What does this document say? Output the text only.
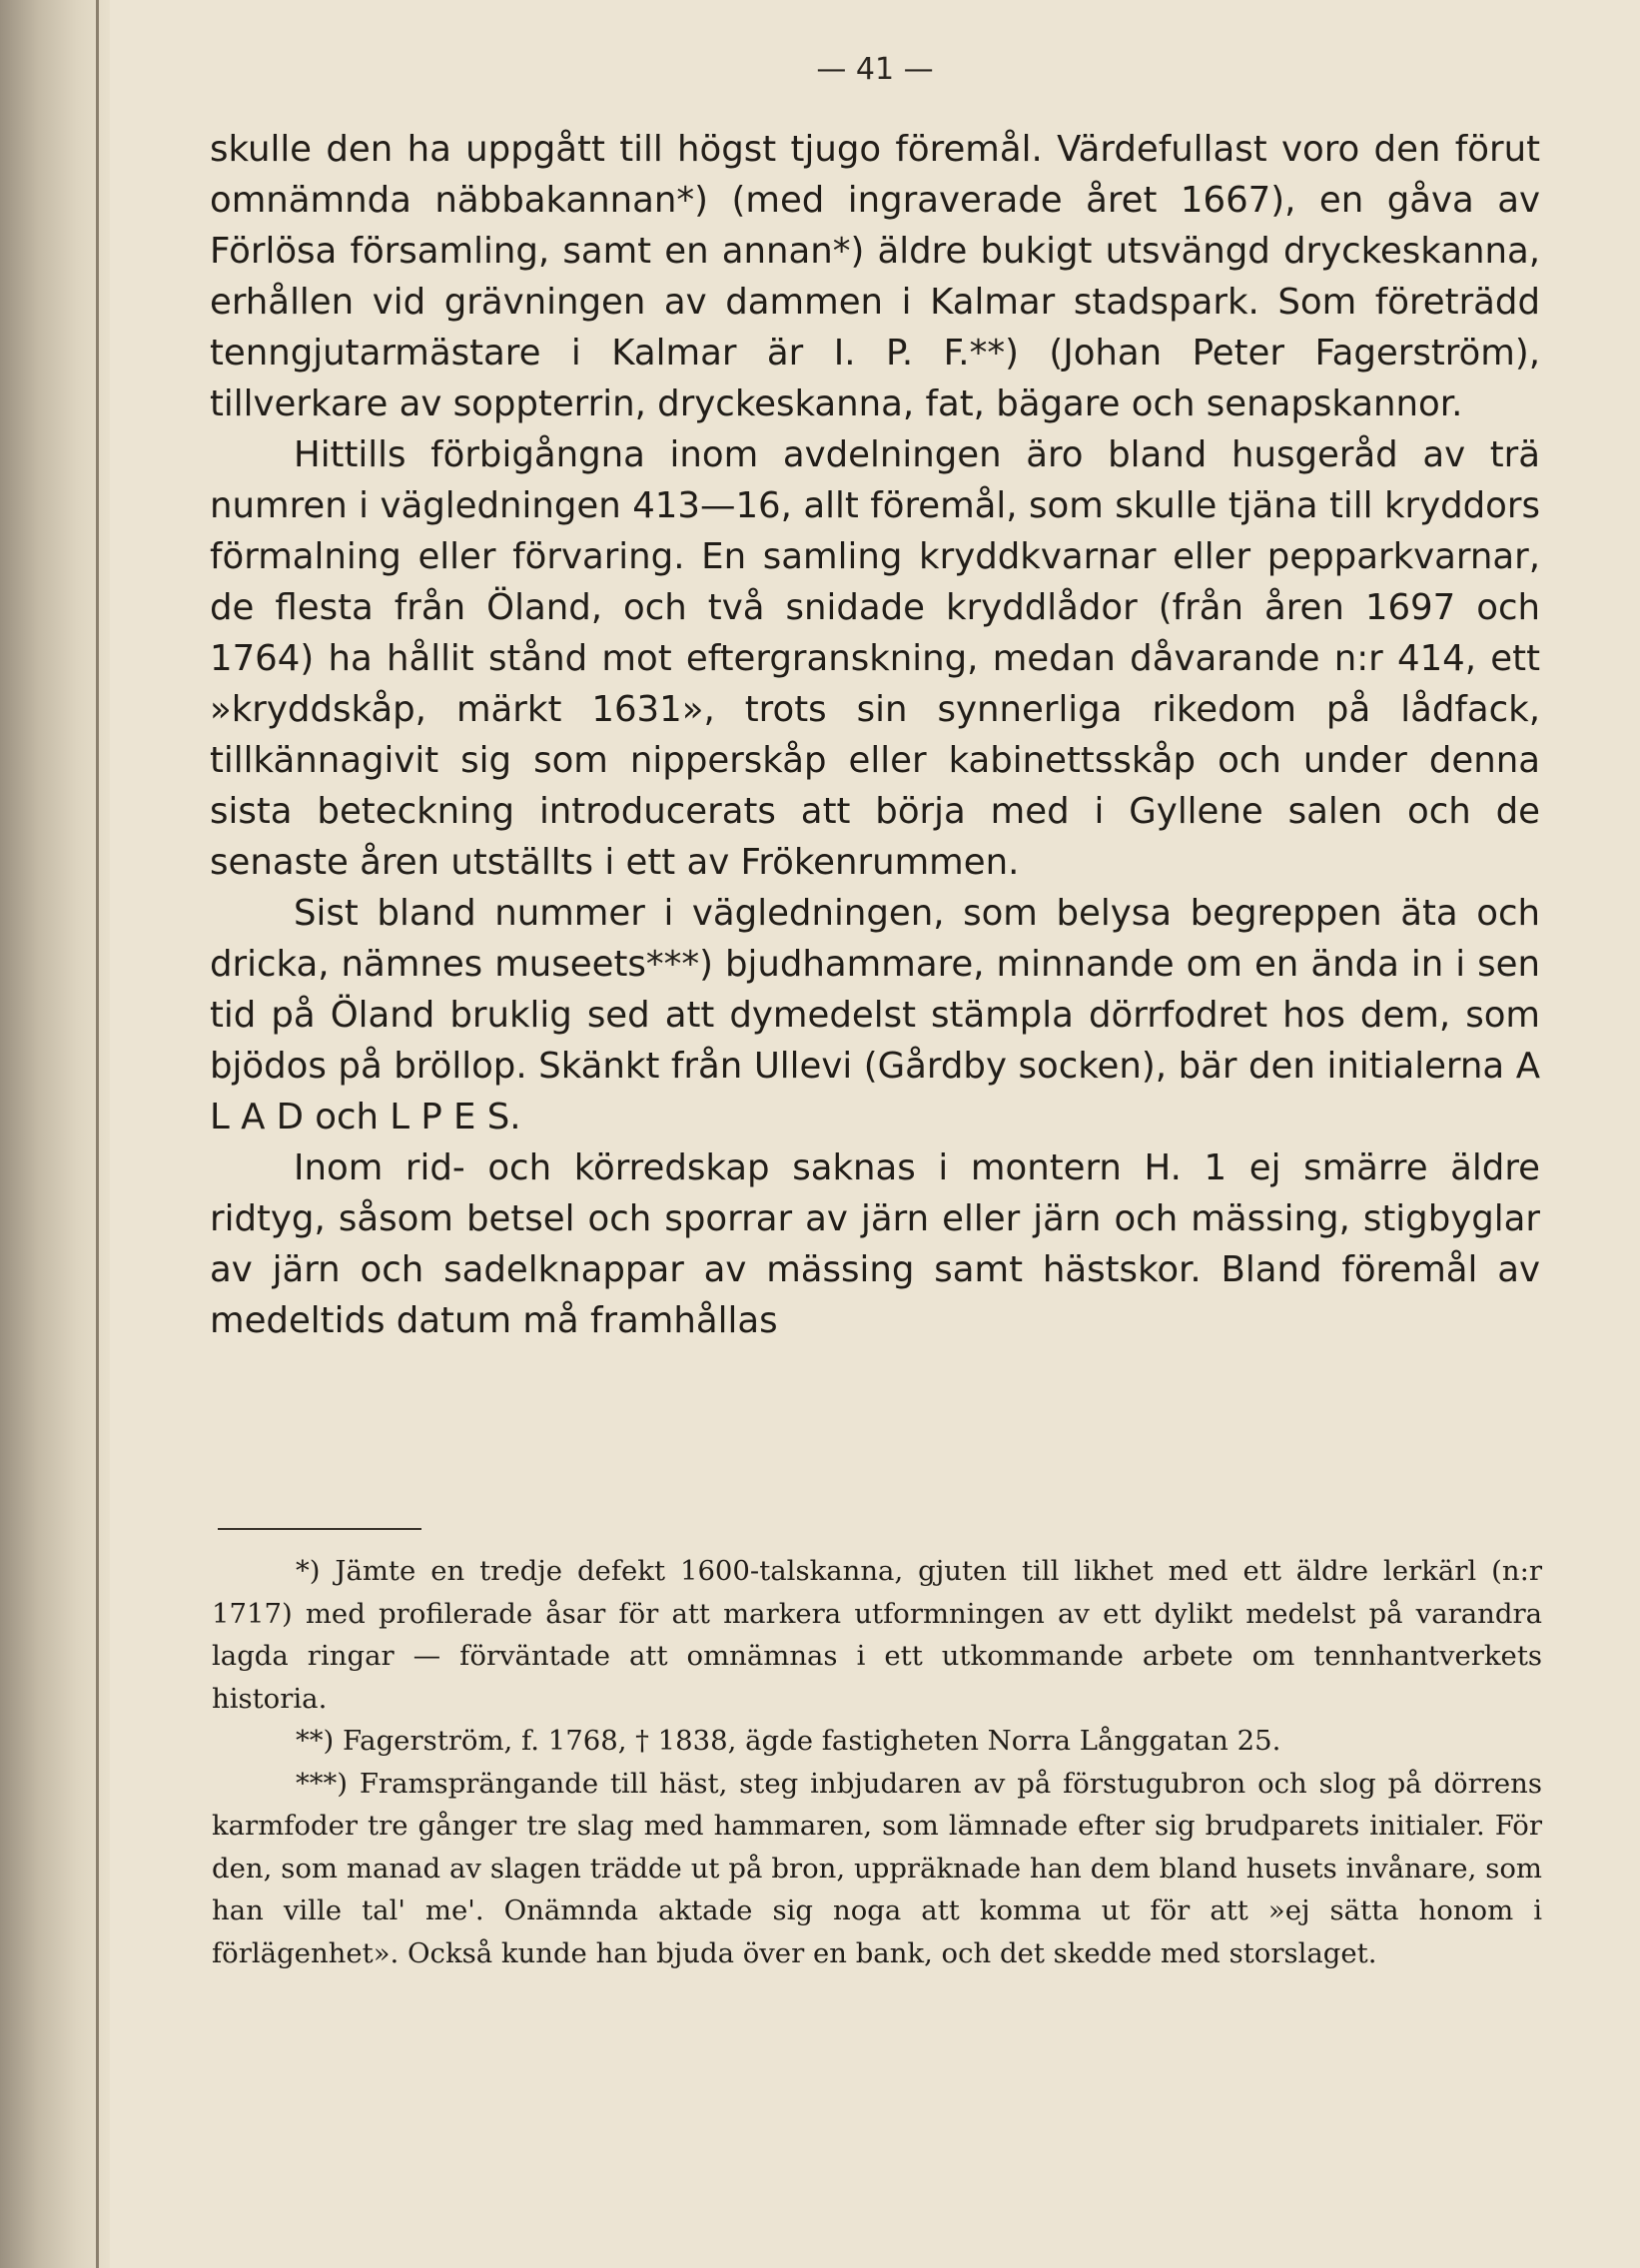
— 41 —

skulle den ha uppgått till högst tjugo föremål. Värdefullast voro den förut omnämnda näbbakannan*) (med ingraverade året 1667), en gåva av Förlösa församling, samt en annan*) äldre bukigt utsvängd dryckeskanna, erhållen vid grävningen av dammen i Kalmar stadspark. Som företrädd tenngjutarmästare i Kalmar är I. P. F.**) (Johan Peter Fagerström), tillverkare av soppterrin, dryckeskanna, fat, bägare och senapskannor.

Hittills förbigångna inom avdelningen äro bland husgeråd av trä numren i vägledningen 413—16, allt föremål, som skulle tjäna till kryddors förmalning eller förvaring. En samling kryddkvarnar eller pepparkvarnar, de flesta från Öland, och två snidade kryddlådor (från åren 1697 och 1764) ha hållit stånd mot eftergranskning, medan dåvarande n:r 414, ett »kryddskåp, märkt 1631», trots sin synnerliga rikedom på lådfack, tillkännagivit sig som nipperskåp eller kabinettsskåp och under denna sista beteckning introducerats att börja med i Gyllene salen och de senaste åren utställts i ett av Frökenrummen.

Sist bland nummer i vägledningen, som belysa begreppen äta och dricka, nämnes museets***) bjudhammare, minnande om en ända in i sen tid på Öland bruklig sed att dymedelst stämpla dörrfodret hos dem, som bjödos på bröllop. Skänkt från Ullevi (Gårdby socken), bär den initialerna A L A D och L P E S.

Inom rid- och körredskap saknas i montern H. 1 ej smärre äldre ridtyg, såsom betsel och sporrar av järn eller järn och mässing, stigbyglar av järn och sadelknappar av mässing samt hästskor. Bland föremål av medeltids datum må framhållas

*) Jämte en tredje defekt 1600-talskanna, gjuten till likhet med ett äldre lerkärl (n:r 1717) med profilerade åsar för att markera utformningen av ett dylikt medelst på varandra lagda ringar — förväntade att omnämnas i ett utkommande arbete om tennhantverkets historia.

**) Fagerström, f. 1768, † 1838, ägde fastigheten Norra Långgatan 25.

***) Framsprängande till häst, steg inbjudaren av på förstugubron och slog på dörrens karmfoder tre gånger tre slag med hammaren, som lämnade efter sig brudparets initialer. För den, som manad av slagen trädde ut på bron, uppräknade han dem bland husets invånare, som han ville tal' me'. Onämnda aktade sig noga att komma ut för att »ej sätta honom i förlägenhet». Också kunde han bjuda över en bank, och det skedde med storslaget.
